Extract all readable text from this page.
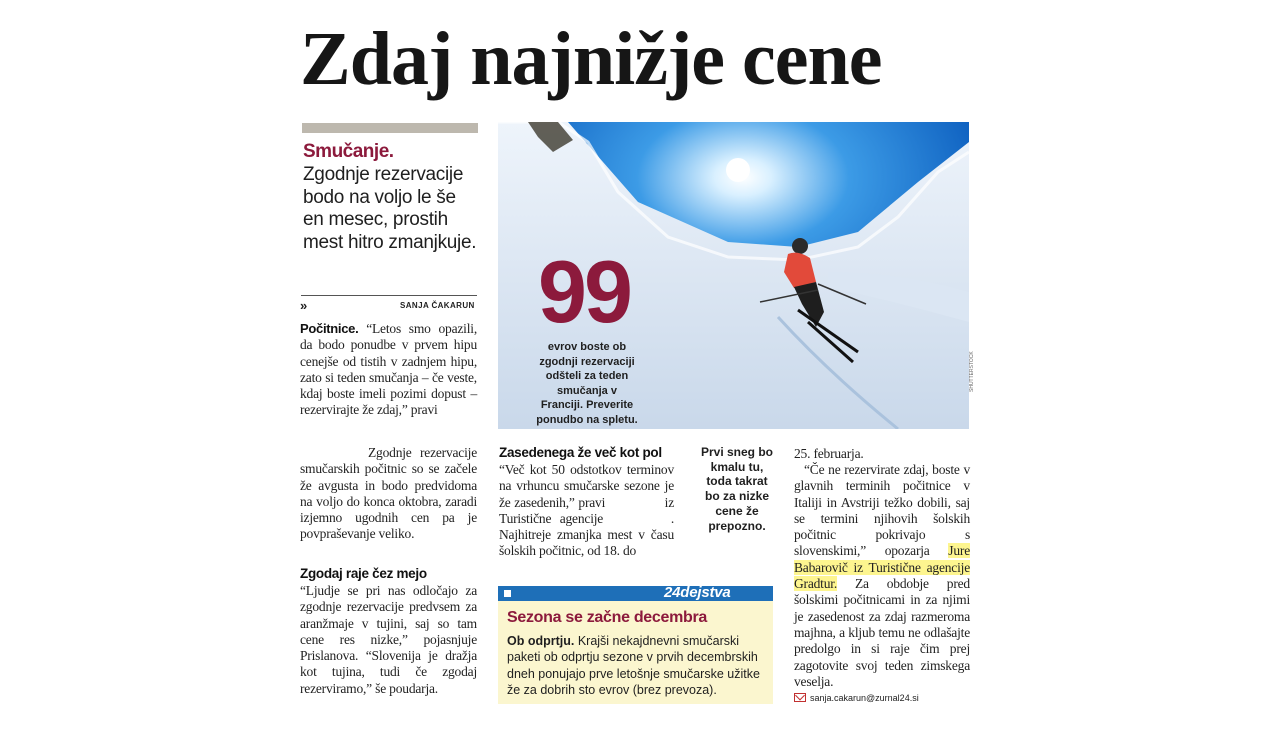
Zdaj najnižje cene
Smučanje.
Zgodnje rezervacije bodo na voljo le še en mesec, prostih mest hitro zmanjkuje.
»	SANJA ČAKARUN
Počitnice. “Letos smo opazili, da bodo ponudbe v prvem hipu cenejše od tistih v zadnjem hipu, zato si teden smučanja – če veste, kdaj boste imeli pozimi dopust – rezervirajte že zdaj,” pravi
Zgodnje rezervacije smučarskih počitnic so se začele že avgusta in bodo predvidoma na voljo do konca oktobra, zaradi izjemno ugodnih cen pa je povpraševanje veliko.
Zgodaj raje čez mejo
“Ljudje se pri nas odločajo za zgodnje rezervacije predvsem za aranžmaje v tujini, saj so tam cene res nizke,” pojasnjuje Prislanova. “Slovenija je dražja kot tujina, tudi če zgodaj rezerviramo,” še poudarja.
99
evrov boste ob zgodnji rezervaciji odšteli za teden smučanja v Franciji. Preverite ponudbo na spletu.
SHUTTERSTOCK
Zasedenega že več kot pol
“Več kot 50 odstotkov terminov na vrhuncu smučarske sezone je že zasedenih,” pravi	iz Turistične agencije	. Najhitreje zmanjka mest v času šolskih počitnic, od 18. do
Prvi sneg bo kmalu tu, toda takrat bo za nizke cene že prepozno.
25. februarja.
“Če ne rezervirate zdaj, boste v glavnih terminih počitnice v Italiji in Avstriji težko dobili, saj se termini njihovih šolskih počitnic pokrivajo s slovenskimi,” opozarja Jure Babarovič iz Turistične agencije Gradtur. Za obdobje pred šolskimi počitnicami in za njimi je zasedenost za zdaj razmeroma majhna, a kljub temu ne odlašajte predolgo in si raje čim prej zagotovite svoj teden zimskega veselja.
sanja.cakarun@zurnal24.si
24dejstva
Sezona se začne decembra
Ob odprtju. Krajši nekajdnevni smučarski paketi ob odprtju sezone v prvih decembrskih dneh ponujajo prve letošnje smučarske užitke že za dobrih sto evrov (brez prevoza).
